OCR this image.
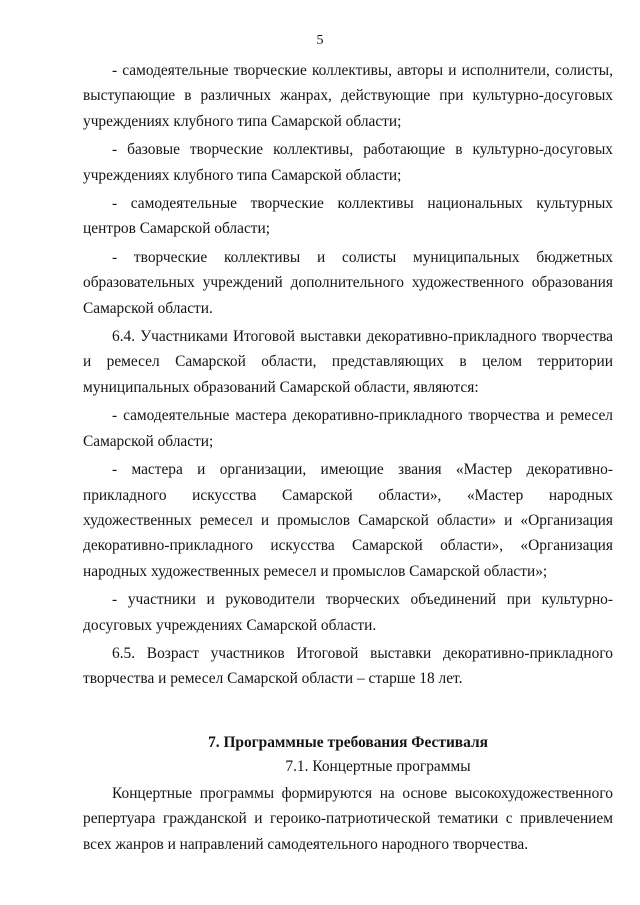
5

- самодеятельные творческие коллективы, авторы и исполнители, солисты, выступающие в различных жанрах, действующие при культурно-досуговых учреждениях клубного типа Самарской области;

- базовые творческие коллективы, работающие в культурно-досуговых учреждениях клубного типа Самарской области;

- самодеятельные творческие коллективы национальных культурных центров Самарской области;

- творческие коллективы и солисты муниципальных бюджетных образовательных учреждений дополнительного художественного образования Самарской области.

6.4. Участниками Итоговой выставки декоративно-прикладного творчества и ремесел Самарской области, представляющих в целом территории муниципальных образований Самарской области, являются:

- самодеятельные мастера декоративно-прикладного творчества и ремесел Самарской области;

- мастера и организации, имеющие звания «Мастер декоративно-прикладного искусства Самарской области», «Мастер народных художественных ремесел и промыслов Самарской области» и «Организация декоративно-прикладного искусства Самарской области», «Организация народных художественных ремесел и промыслов Самарской области»;

- участники и руководители творческих объединений при культурно-досуговых учреждениях Самарской области.

6.5. Возраст участников Итоговой выставки декоративно-прикладного творчества и ремесел Самарской области – старше 18 лет.

7. Программные требования Фестиваля
7.1. Концертные программы

Концертные программы формируются на основе высокохудожественного репертуара гражданской и героико-патриотической тематики с привлечением всех жанров и направлений самодеятельного народного творчества.
